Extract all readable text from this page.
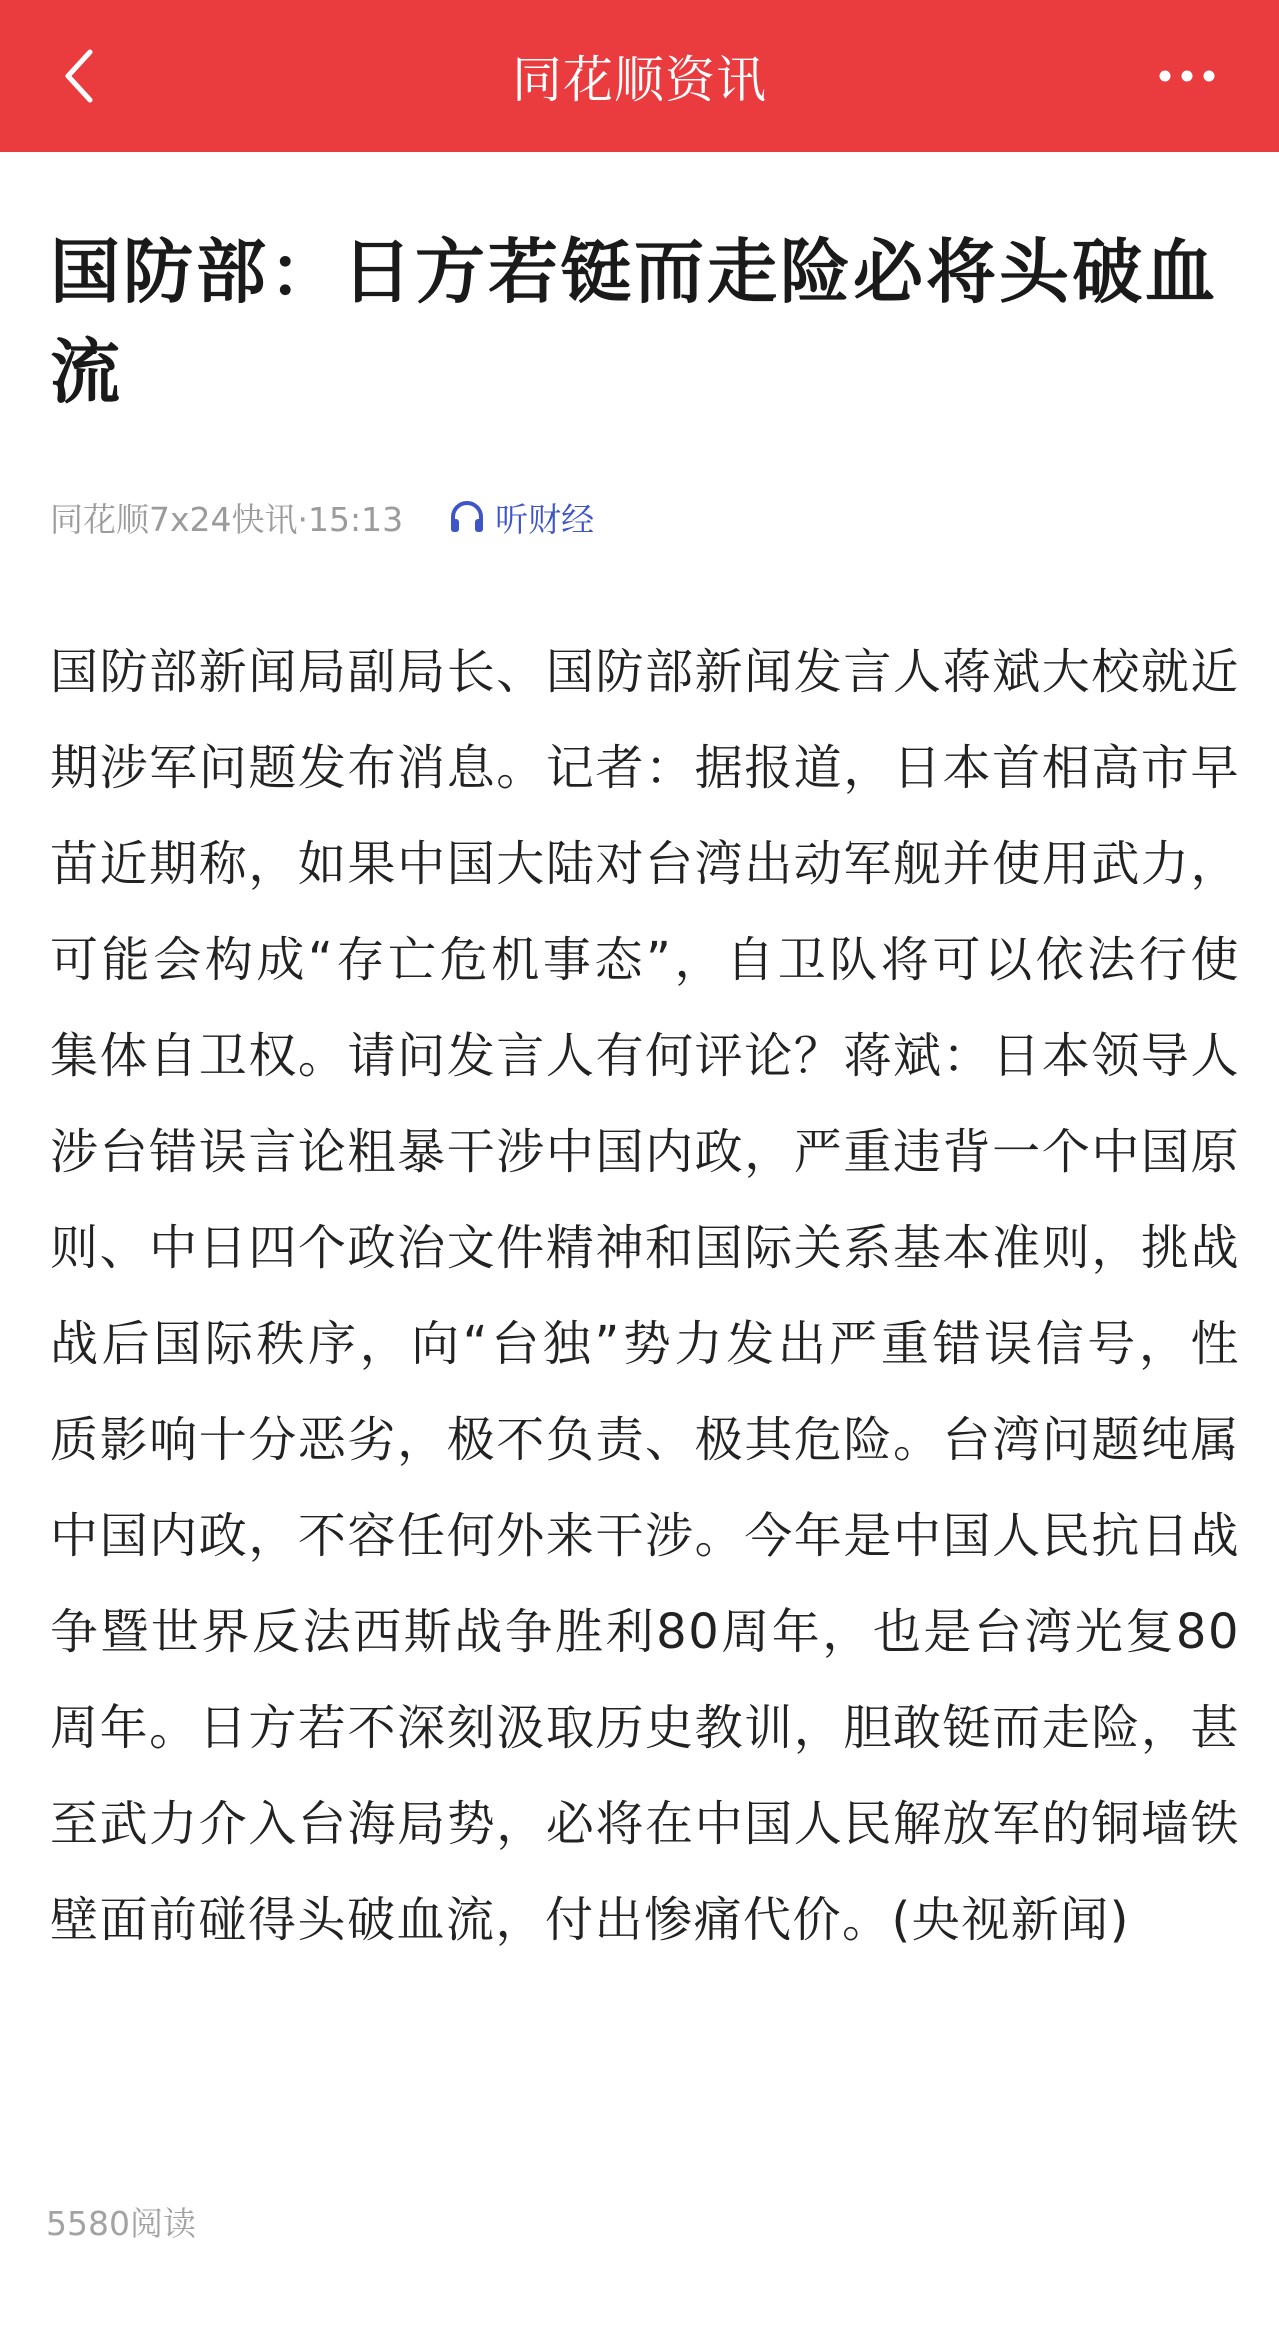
同花顺资讯
国防部：日方若铤而走险必将头破血流
同花顺7x24快讯·15:13	听财经

国防部新闻局副局长、国防部新闻发言人蒋斌大校就近期涉军问题发布消息。记者：据报道，日本首相高市早苗近期称，如果中国大陆对台湾出动军舰并使用武力，可能会构成“存亡危机事态”，自卫队将可以依法行使集体自卫权。请问发言人有何评论？蒋斌：日本领导人涉台错误言论粗暴干涉中国内政，严重违背一个中国原则、中日四个政治文件精神和国际关系基本准则，挑战战后国际秩序，向“台独”势力发出严重错误信号，性质影响十分恶劣，极不负责、极其危险。台湾问题纯属中国内政，不容任何外来干涉。今年是中国人民抗日战争暨世界反法西斯战争胜利80周年，也是台湾光复80周年。日方若不深刻汲取历史教训，胆敢铤而走险，甚至武力介入台海局势，必将在中国人民解放军的铜墙铁壁面前碰得头破血流，付出惨痛代价。(央视新闻)

5580阅读
